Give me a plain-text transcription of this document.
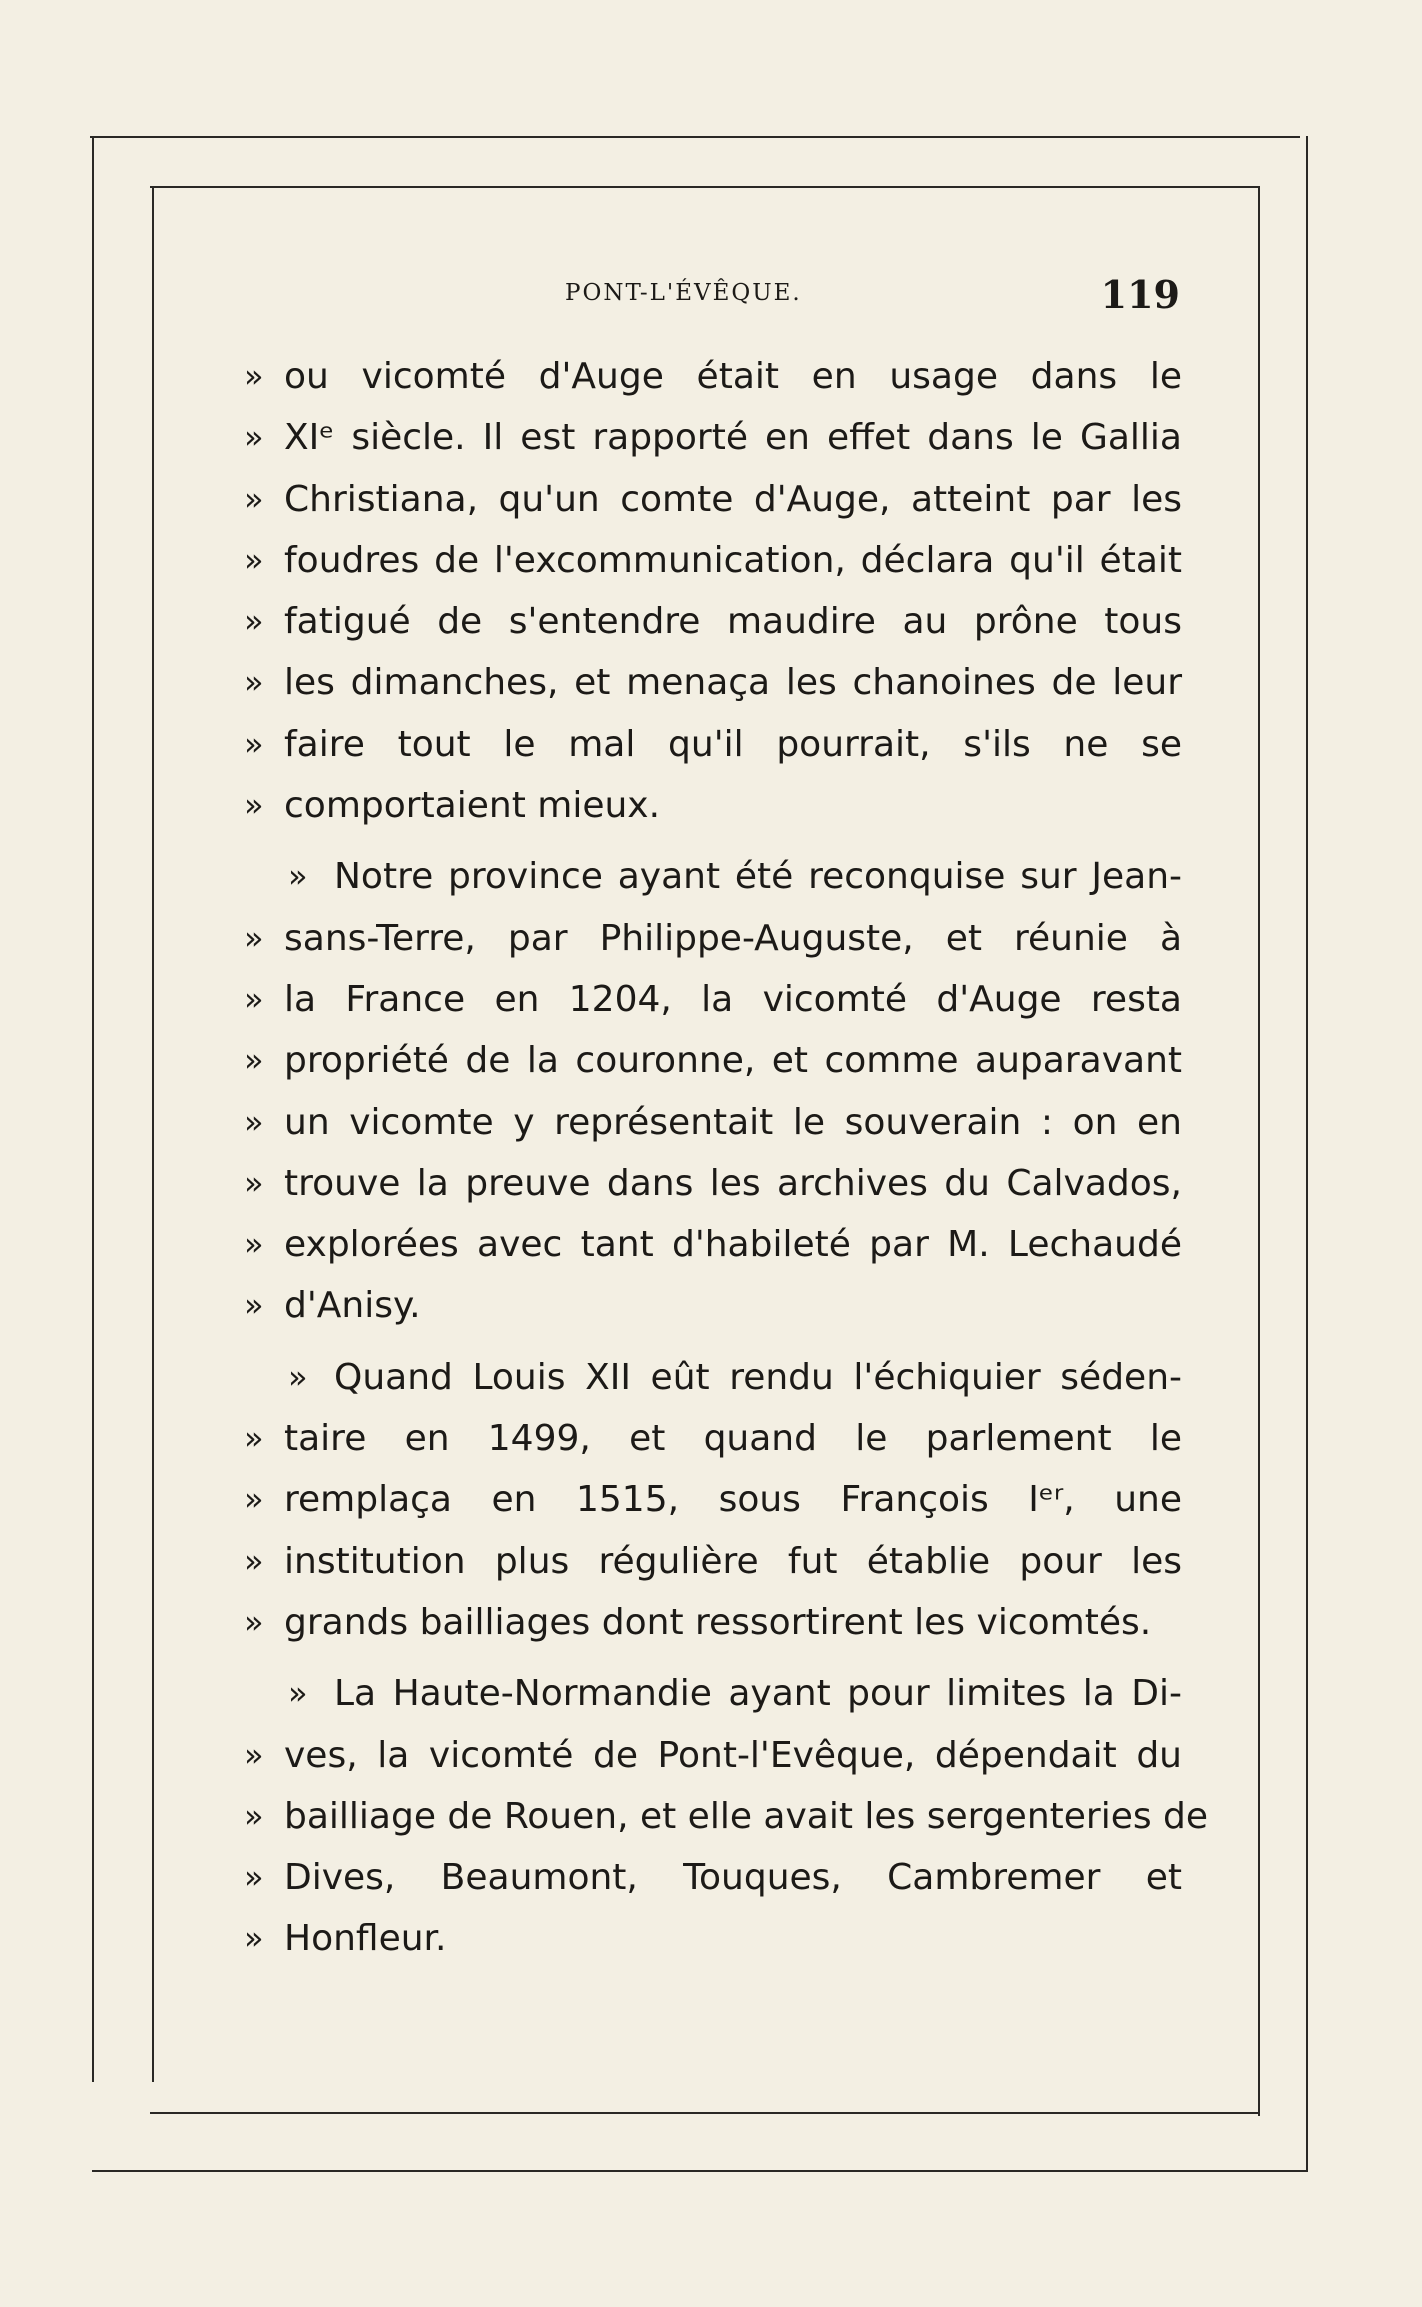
PONT-L'ÉVÊQUE.	119
» ou vicomté d'Auge était en usage dans le
» XIᵉ siècle. Il est rapporté en effet dans le Gallia
» Christiana, qu'un comte d'Auge, atteint par les
» foudres de l'excommunication, déclara qu'il était
» fatigué de s'entendre maudire au prône tous
» les dimanches, et menaça les chanoines de leur
» faire tout le mal qu'il pourrait, s'ils ne se
» comportaient mieux.
» Notre province ayant été reconquise sur Jean-
» sans-Terre, par Philippe-Auguste, et réunie à
» la France en 1204, la vicomté d'Auge resta
» propriété de la couronne, et comme auparavant
» un vicomte y représentait le souverain : on en
» trouve la preuve dans les archives du Calvados,
» explorées avec tant d'habileté par M. Lechaudé
» d'Anisy.
» Quand Louis XII eût rendu l'échiquier séden-
» taire en 1499, et quand le parlement le
» remplaça en 1515, sous François Iᵉʳ, une
» institution plus régulière fut établie pour les
» grands bailliages dont ressortirent les vicomtés.
» La Haute-Normandie ayant pour limites la Di-
» ves, la vicomté de Pont-l'Evêque, dépendait du
» bailliage de Rouen, et elle avait les sergenteries de
» Dives, Beaumont, Touques, Cambremer et
» Honfleur.
